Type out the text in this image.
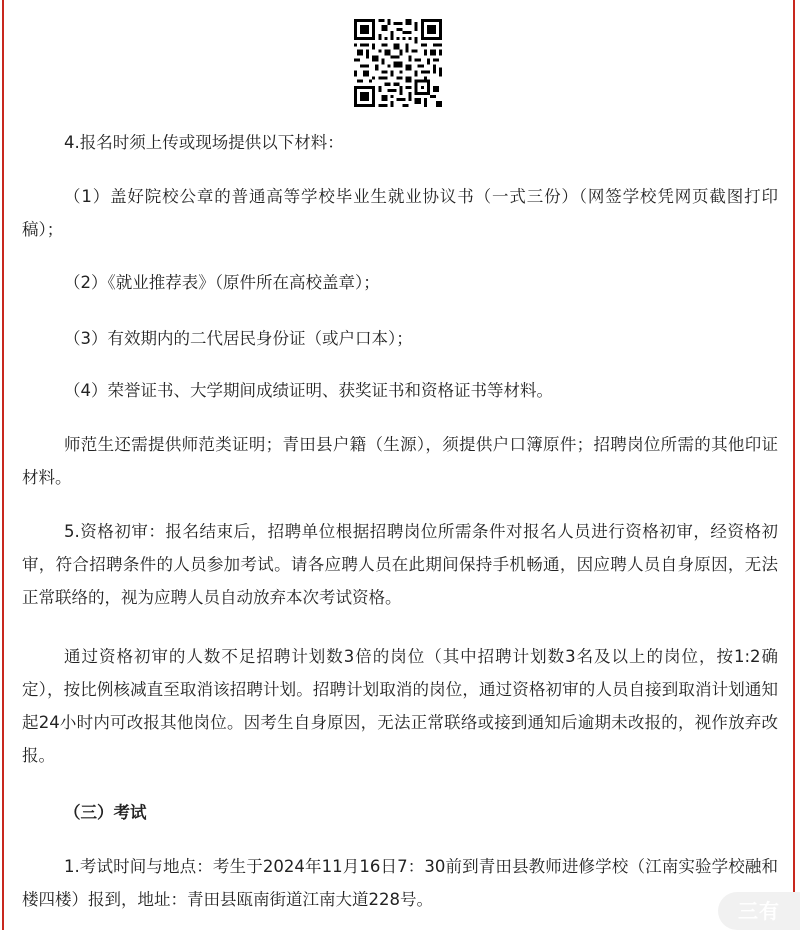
4.报名时须上传或现场提供以下材料：

（1）盖好院校公章的普通高等学校毕业生就业协议书（一式三份）（网签学校凭网页截图打印稿）；

（2）《就业推荐表》（原件所在高校盖章）；

（3）有效期内的二代居民身份证（或户口本）；

（4）荣誉证书、大学期间成绩证明、获奖证书和资格证书等材料。

师范生还需提供师范类证明；青田县户籍（生源），须提供户口簿原件；招聘岗位所需的其他印证材料。

5.资格初审：报名结束后，招聘单位根据招聘岗位所需条件对报名人员进行资格初审，经资格初审，符合招聘条件的人员参加考试。请各应聘人员在此期间保持手机畅通，因应聘人员自身原因，无法正常联络的，视为应聘人员自动放弃本次考试资格。

通过资格初审的人数不足招聘计划数3倍的岗位（其中招聘计划数3名及以上的岗位，按1:2确定），按比例核减直至取消该招聘计划。招聘计划取消的岗位，通过资格初审的人员自接到取消计划通知起24小时内可改报其他岗位。因考生自身原因，无法正常联络或接到通知后逾期未改报的，视作放弃改报。

（三）考试

1.考试时间与地点：考生于2024年11月16日7：30前到青田县教师进修学校（江南实验学校融和楼四楼）报到，地址：青田县瓯南街道江南大道228号。	三有
